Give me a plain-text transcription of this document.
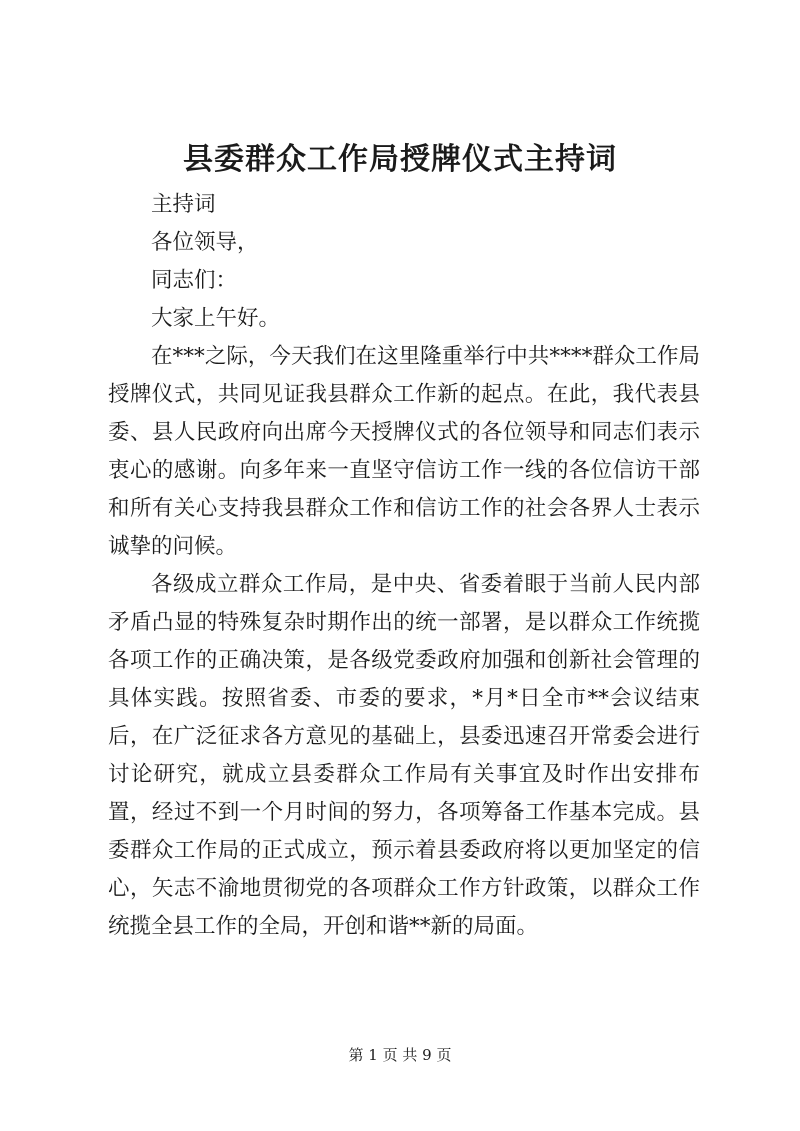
县委群众工作局授牌仪式主持词

主持词

各位领导，

同志们：

大家上午好。

在***之际，今天我们在这里隆重举行中共****群众工作局授牌仪式，共同见证我县群众工作新的起点。在此，我代表县委、县人民政府向出席今天授牌仪式的各位领导和同志们表示衷心的感谢。向多年来一直坚守信访工作一线的各位信访干部和所有关心支持我县群众工作和信访工作的社会各界人士表示诚挚的问候。

各级成立群众工作局，是中央、省委着眼于当前人民内部矛盾凸显的特殊复杂时期作出的统一部署，是以群众工作统揽各项工作的正确决策，是各级党委政府加强和创新社会管理的具体实践。按照省委、市委的要求，*月*日全市**会议结束后，在广泛征求各方意见的基础上，县委迅速召开常委会进行讨论研究，就成立县委群众工作局有关事宜及时作出安排布置，经过不到一个月时间的努力，各项筹备工作基本完成。县委群众工作局的正式成立，预示着县委政府将以更加坚定的信心，矢志不渝地贯彻党的各项群众工作方针政策，以群众工作统揽全县工作的全局，开创和谐**新的局面。

第 1 页 共 9 页
